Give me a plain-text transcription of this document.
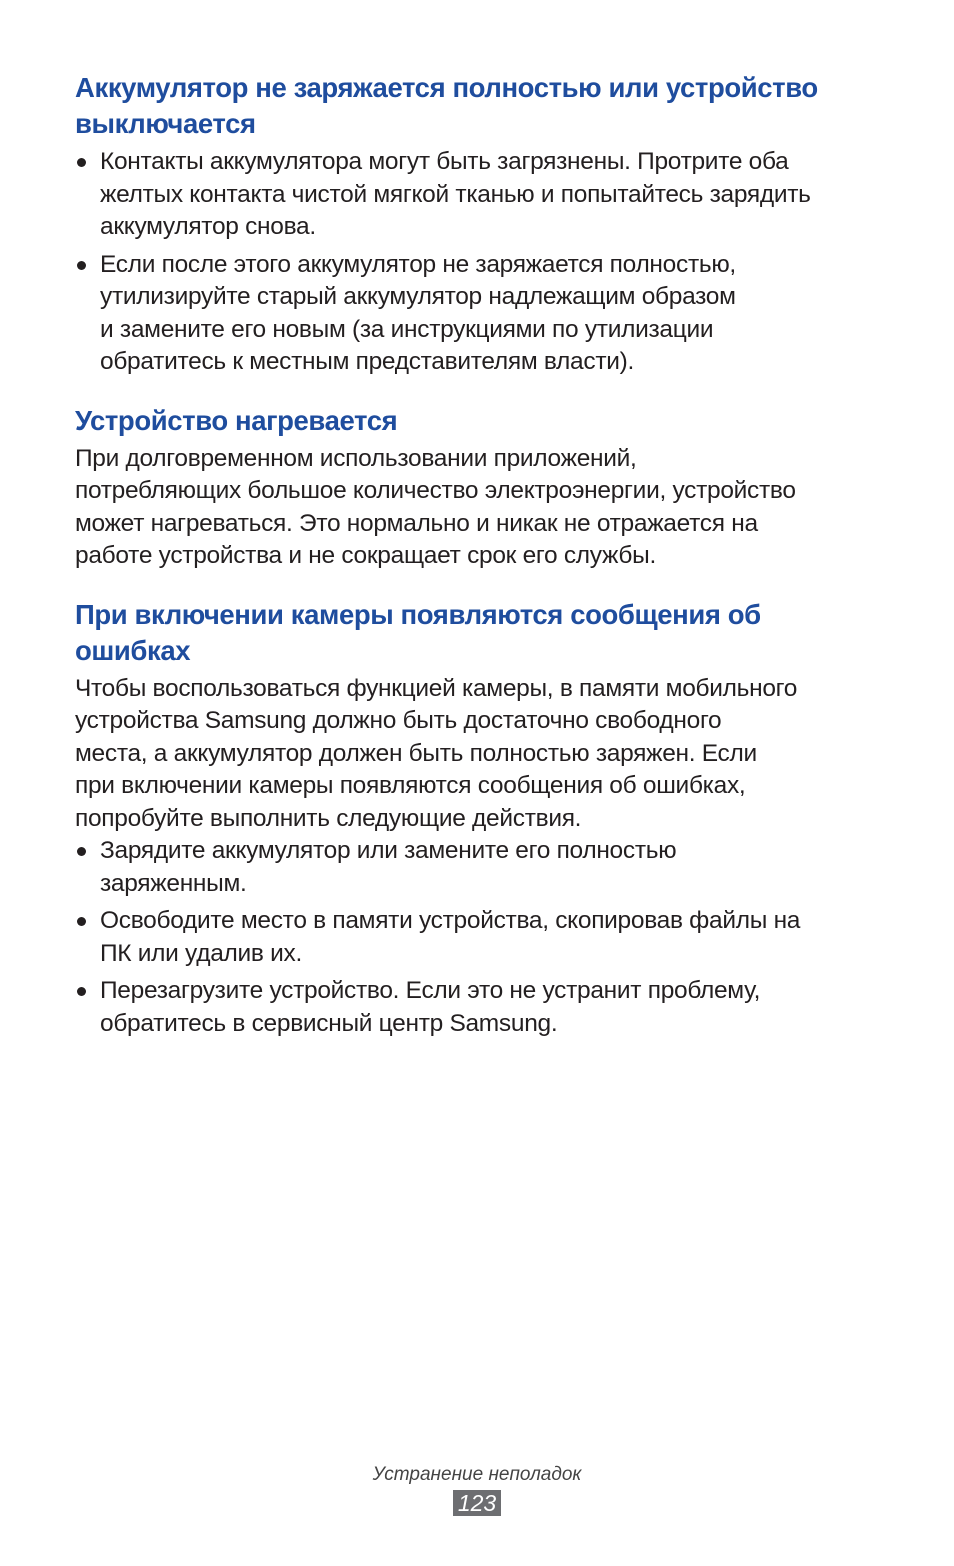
Аккумулятор не заряжается полностью или устройство
выключается
Контакты аккумулятора могут быть загрязнены. Протрите оба
желтых контакта чистой мягкой тканью и попытайтесь зарядить
аккумулятор снова.
Если после этого аккумулятор не заряжается полностью,
утилизируйте старый аккумулятор надлежащим образом
и замените его новым (за инструкциями по утилизации
обратитесь к местным представителям власти).
Устройство нагревается

При долговременном использовании приложений,
потребляющих большое количество электроэнергии, устройство
может нагреваться. Это нормально и никак не отражается на
работе устройства и не сокращает срок его службы.

При включении камеры появляются сообщения об
ошибках

Чтобы воспользоваться функцией камеры, в памяти мобильного
устройства Samsung должно быть достаточно свободного
места, а аккумулятор должен быть полностью заряжен. Если
при включении камеры появляются сообщения об ошибках,
попробуйте выполнить следующие действия.

Зарядите аккумулятор или замените его полностью
заряженным.
Освободите место в памяти устройства, скопировав файлы на
ПК или удалив их.
Перезагрузите устройство. Если это не устранит проблему,
обратитесь в сервисный центр Samsung.
Устранение неполадок
123
